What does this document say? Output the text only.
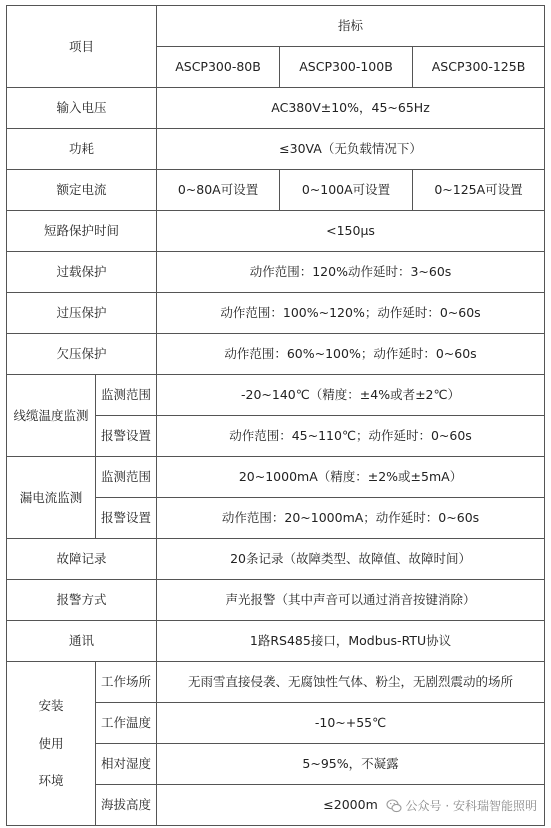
项目		指标		
		ASCP300-80B	ASCP300-100B	ASCP300-125B
输入电压		AC380V±10%，45~65Hz		
功耗		≤30VA（无负载情况下）		
额定电流		0~80A可设置	0~100A可设置	0~125A可设置
短路保护时间		<150μs		
过载保护		动作范围：120%动作延时：3~60s		
过压保护		动作范围：100%~120%；动作延时：0~60s		
欠压保护		动作范围：60%~100%；动作延时：0~60s		
线缆温度监测	监测范围	-20~140℃（精度：±4%或者±2℃）		
	报警设置	动作范围：45~110℃；动作延时：0~60s		
漏电流监测	监测范围	20~1000mA（精度：±2%或±5mA）		
	报警设置	动作范围：20~1000mA；动作延时：0~60s		
故障记录		20条记录（故障类型、故障值、故障时间）		
报警方式		声光报警（其中声音可以通过消音按键消除）		
通讯		1路RS485接口，Modbus-RTU协议		

安装
使用
环境	工作场所	无雨雪直接侵袭、无腐蚀性气体、粉尘，无剧烈震动的场所		
	工作温度	-10~+55℃		
	相对湿度	5~95%，不凝露		
	海拔高度	≤2000m		公众号 · 安科瑞智能照明
